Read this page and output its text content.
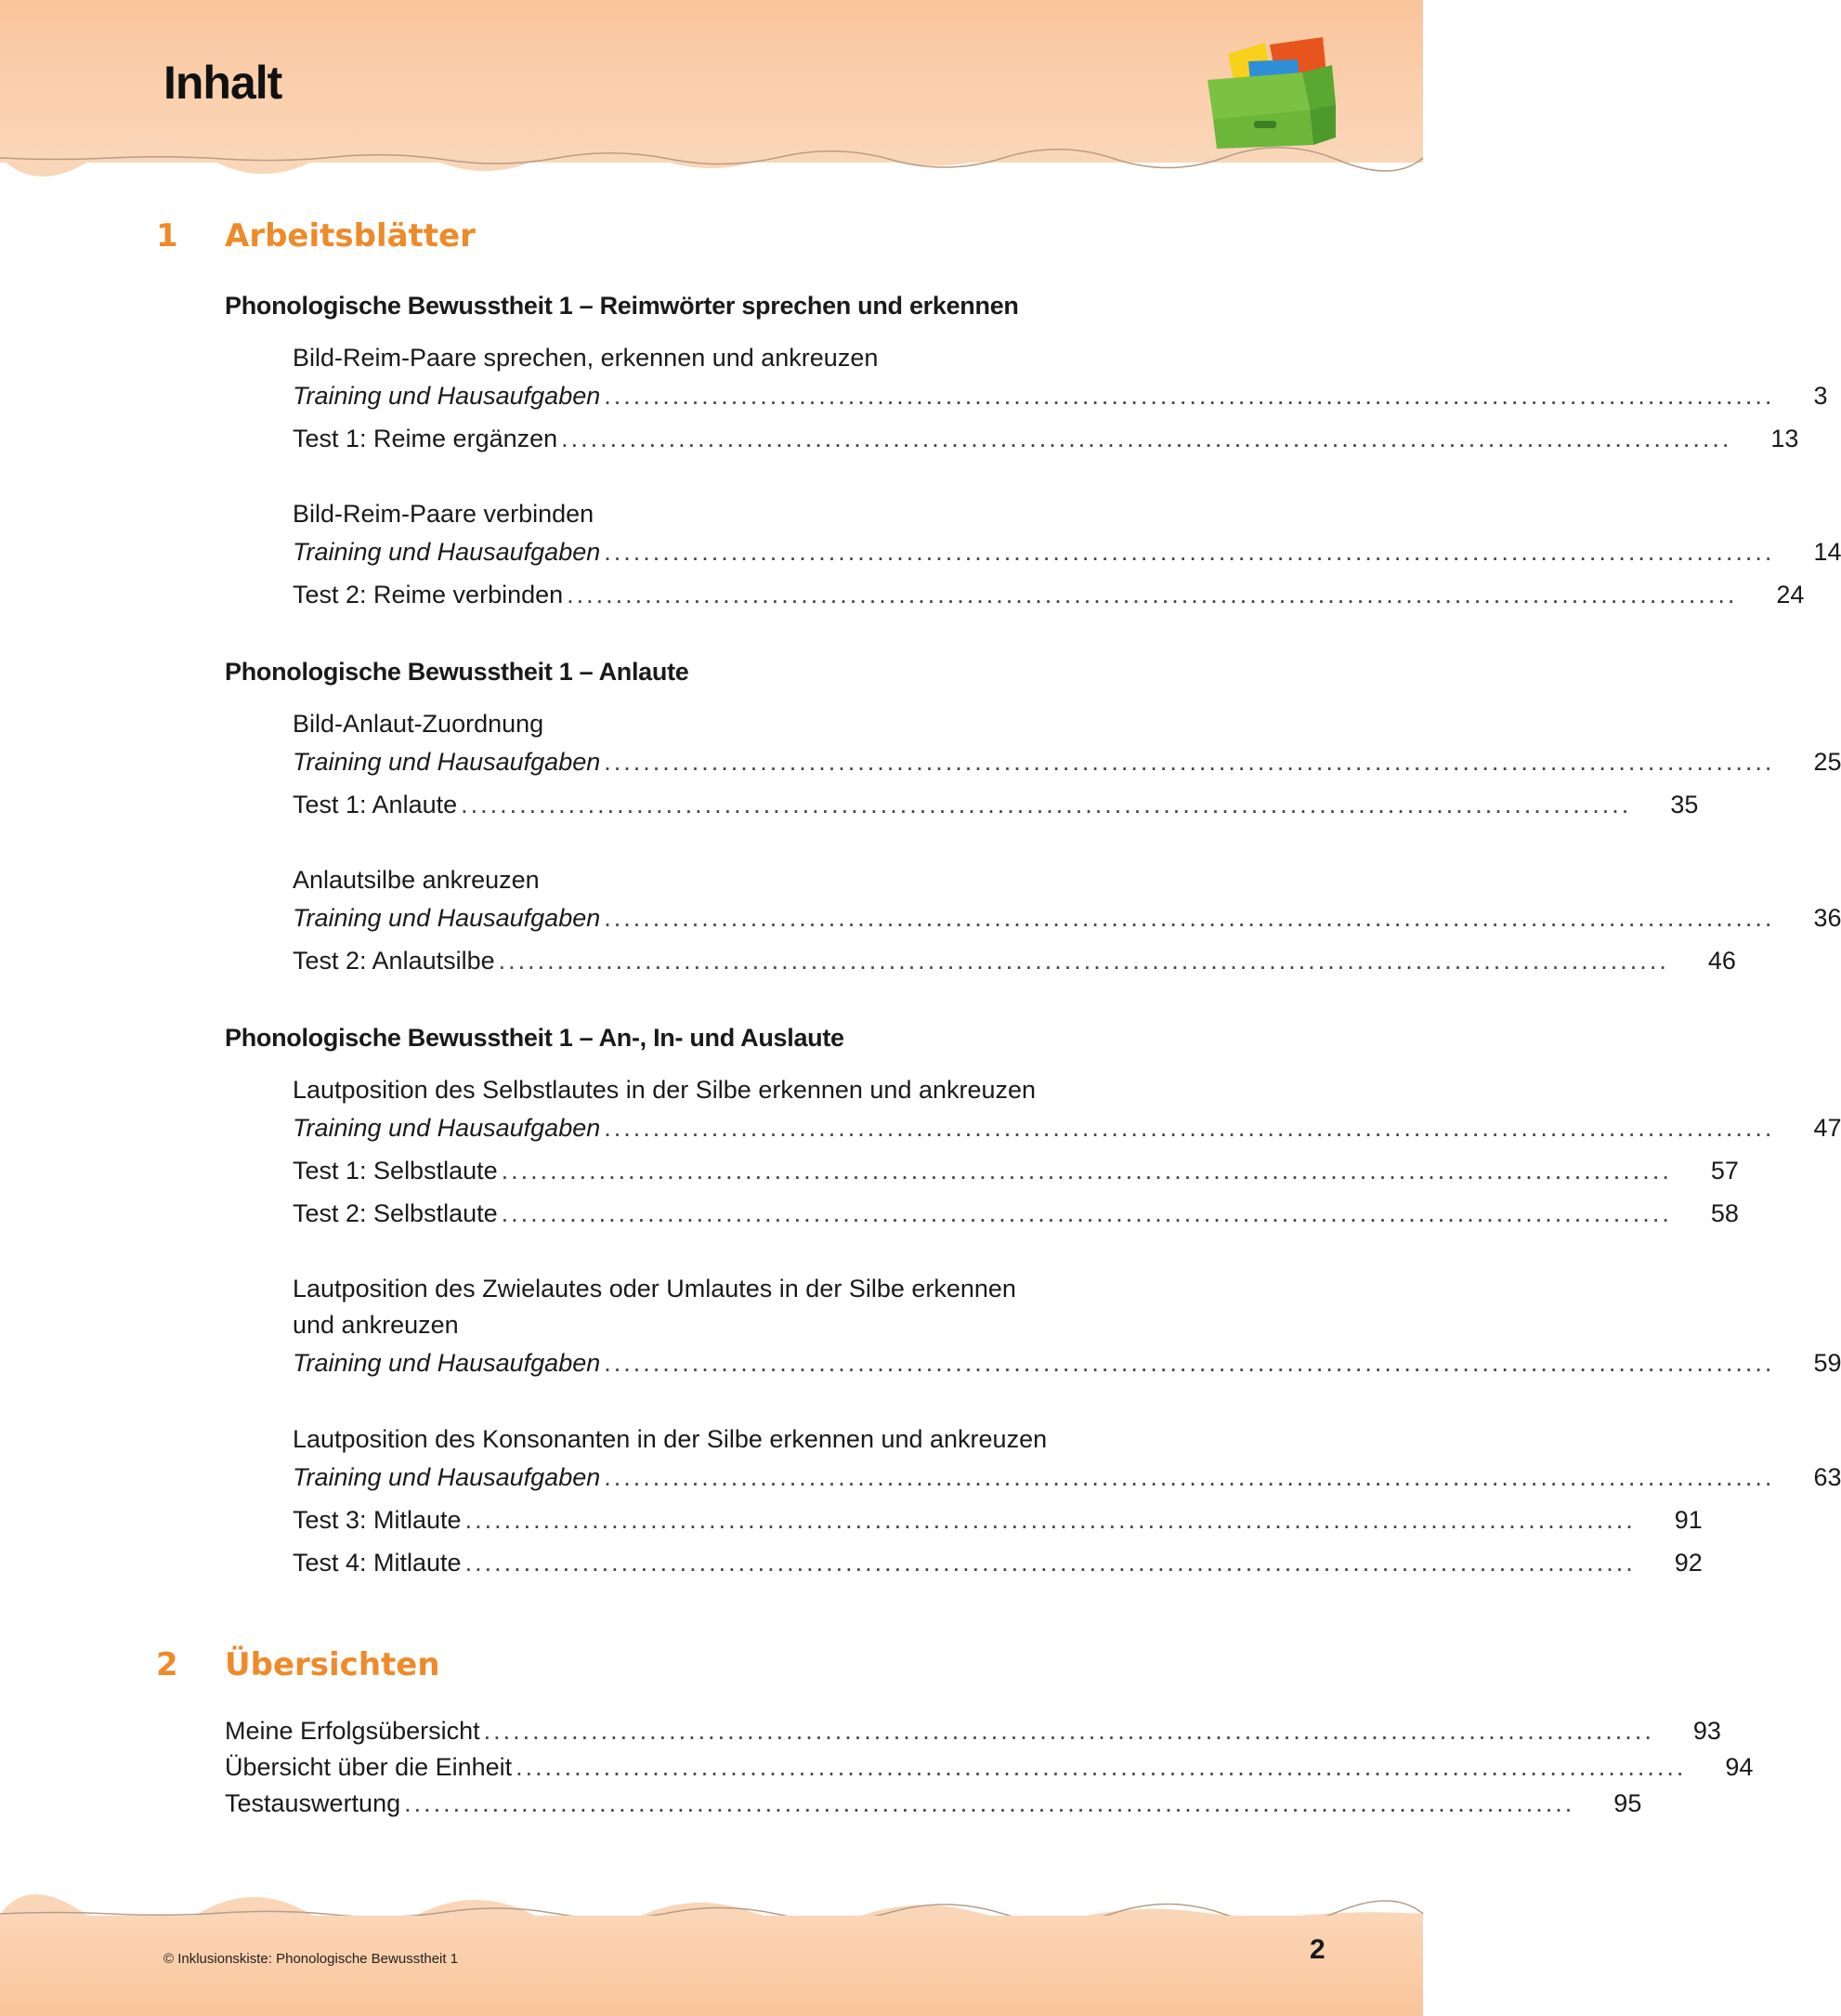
Inhalt
1 Arbeitsblätter
Phonologische Bewusstheit 1 – Reimwörter sprechen und erkennen
Bild-Reim-Paare sprechen, erkennen und ankreuzen
Training und Hausaufgaben ........................................................................................................................ 3
Test 1: Reime ergänzen ........................................................................................................................ 13
Bild-Reim-Paare verbinden
Training und Hausaufgaben ........................................................................................................................ 14
Test 2: Reime verbinden ........................................................................................................................ 24
Phonologische Bewusstheit 1 – Anlaute
Bild-Anlaut-Zuordnung
Training und Hausaufgaben ........................................................................................................................ 25
Test 1: Anlaute ........................................................................................................................ 35
Anlautsilbe ankreuzen
Training und Hausaufgaben ........................................................................................................................ 36
Test 2: Anlautsilbe ........................................................................................................................ 46
Phonologische Bewusstheit 1 – An-, In- und Auslaute
Lautposition des Selbstlautes in der Silbe erkennen und ankreuzen
Training und Hausaufgaben ........................................................................................................................ 47
Test 1: Selbstlaute ........................................................................................................................ 57
Test 2: Selbstlaute ........................................................................................................................ 58
Lautposition des Zwielautes oder Umlautes in der Silbe erkennen
und ankreuzen
Training und Hausaufgaben ........................................................................................................................ 59
Lautposition des Konsonanten in der Silbe erkennen und ankreuzen
Training und Hausaufgaben ........................................................................................................................ 63
Test 3: Mitlaute ........................................................................................................................ 91
Test 4: Mitlaute ........................................................................................................................ 92
2 Übersichten
Meine Erfolgsübersicht ........................................................................................................................ 93
Übersicht über die Einheit ........................................................................................................................ 94
Testauswertung ........................................................................................................................ 95
© Inklusionskiste: Phonologische Bewusstheit 1	2
